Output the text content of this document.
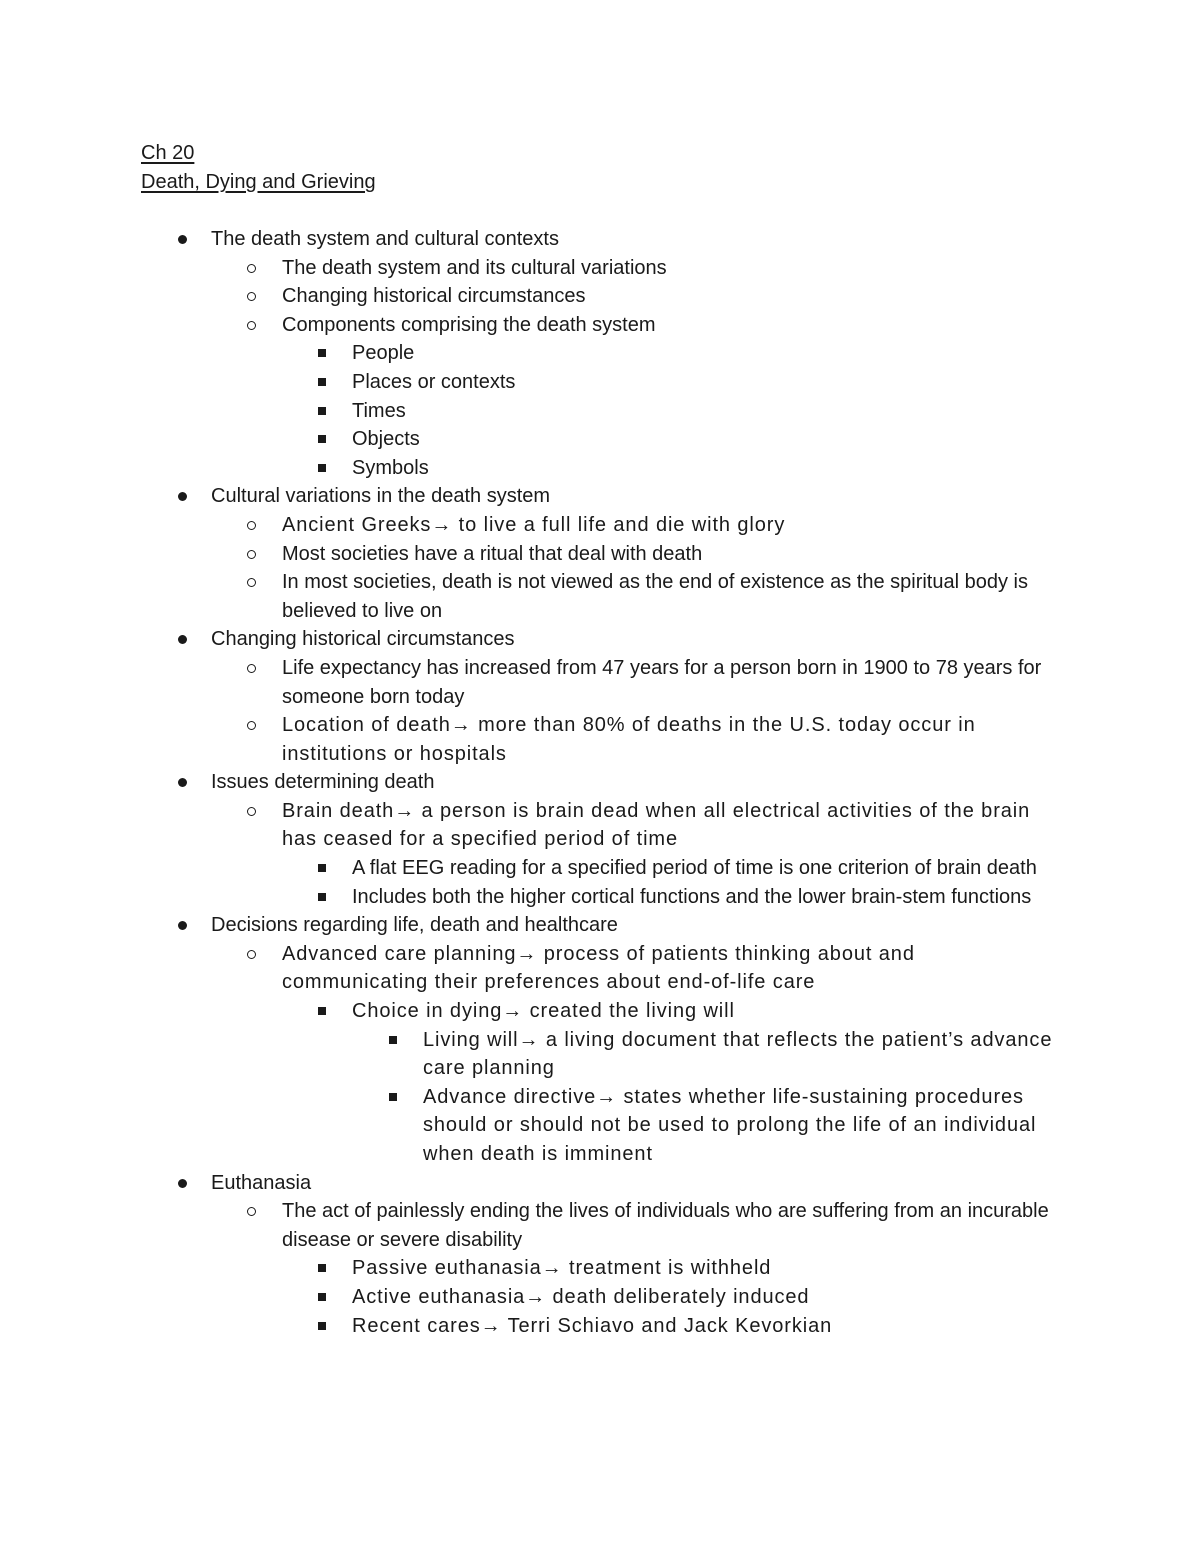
Ch 20
Death, Dying and Grieving
The death system and cultural contexts
The death system and its cultural variations
Changing historical circumstances
Components comprising the death system
People
Places or contexts
Times
Objects
Symbols
Cultural variations in the death system
Ancient Greeks→ to live a full life and die with glory
Most societies have a ritual that deal with death
In most societies, death is not viewed as the end of existence as the spiritual body is believed to live on
Changing historical circumstances
Life expectancy has increased from 47 years for a person born in 1900 to 78 years for someone born today
Location of death→ more than 80% of deaths in the U.S. today occur in institutions or hospitals
Issues determining death
Brain death→ a person is brain dead when all electrical activities of the brain has ceased for a specified period of time
A flat EEG reading for a specified period of time is one criterion of brain death
Includes both the higher cortical functions and the lower brain-stem functions
Decisions regarding life, death and healthcare
Advanced care planning→ process of patients thinking about and communicating their preferences about end-of-life care
Choice in dying→ created the living will
Living will→ a living document that reflects the patient’s advance care planning
Advance directive→ states whether life-sustaining procedures should or should not be used to prolong the life of an individual when death is imminent
Euthanasia
The act of painlessly ending the lives of individuals who are suffering from an incurable disease or severe disability
Passive euthanasia→ treatment is withheld
Active euthanasia→ death deliberately induced
Recent cares→ Terri Schiavo and Jack Kevorkian
